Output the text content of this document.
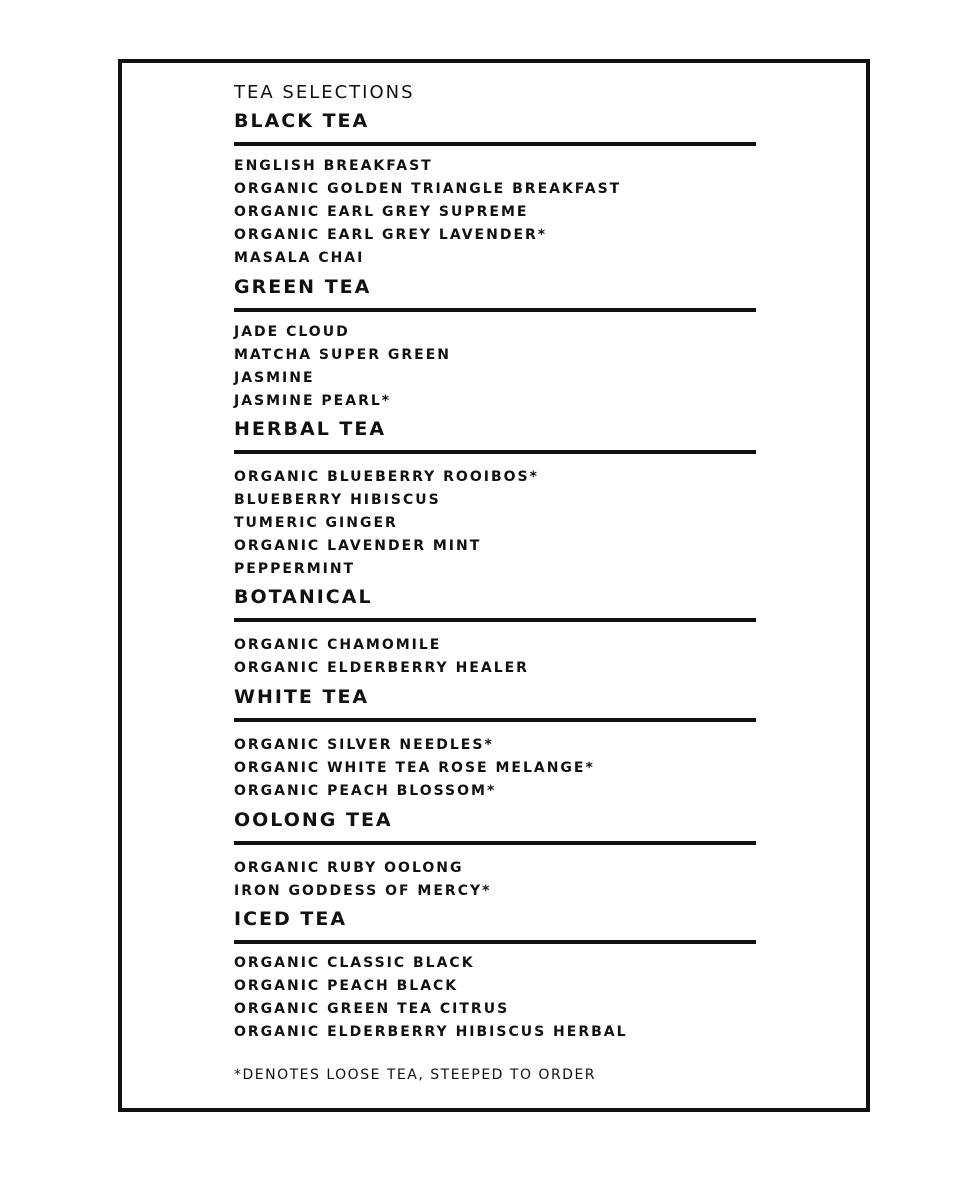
TEA SELECTIONS
BLACK TEA
ENGLISH BREAKFAST
ORGANIC GOLDEN TRIANGLE BREAKFAST
ORGANIC EARL GREY SUPREME
ORGANIC EARL GREY LAVENDER*
MASALA CHAI
GREEN TEA
JADE CLOUD
MATCHA SUPER GREEN
JASMINE
JASMINE PEARL*
HERBAL TEA
ORGANIC BLUEBERRY ROOIBOS*
BLUEBERRY HIBISCUS
TUMERIC GINGER
ORGANIC LAVENDER MINT
PEPPERMINT
BOTANICAL
ORGANIC CHAMOMILE
ORGANIC ELDERBERRY HEALER
WHITE TEA
ORGANIC SILVER NEEDLES*
ORGANIC WHITE TEA ROSE MELANGE*
ORGANIC PEACH BLOSSOM*
OOLONG TEA
ORGANIC RUBY OOLONG
IRON GODDESS OF MERCY*
ICED TEA
ORGANIC CLASSIC BLACK
ORGANIC PEACH BLACK
ORGANIC GREEN TEA CITRUS
ORGANIC ELDERBERRY HIBISCUS HERBAL

*DENOTES LOOSE TEA, STEEPED TO ORDER
